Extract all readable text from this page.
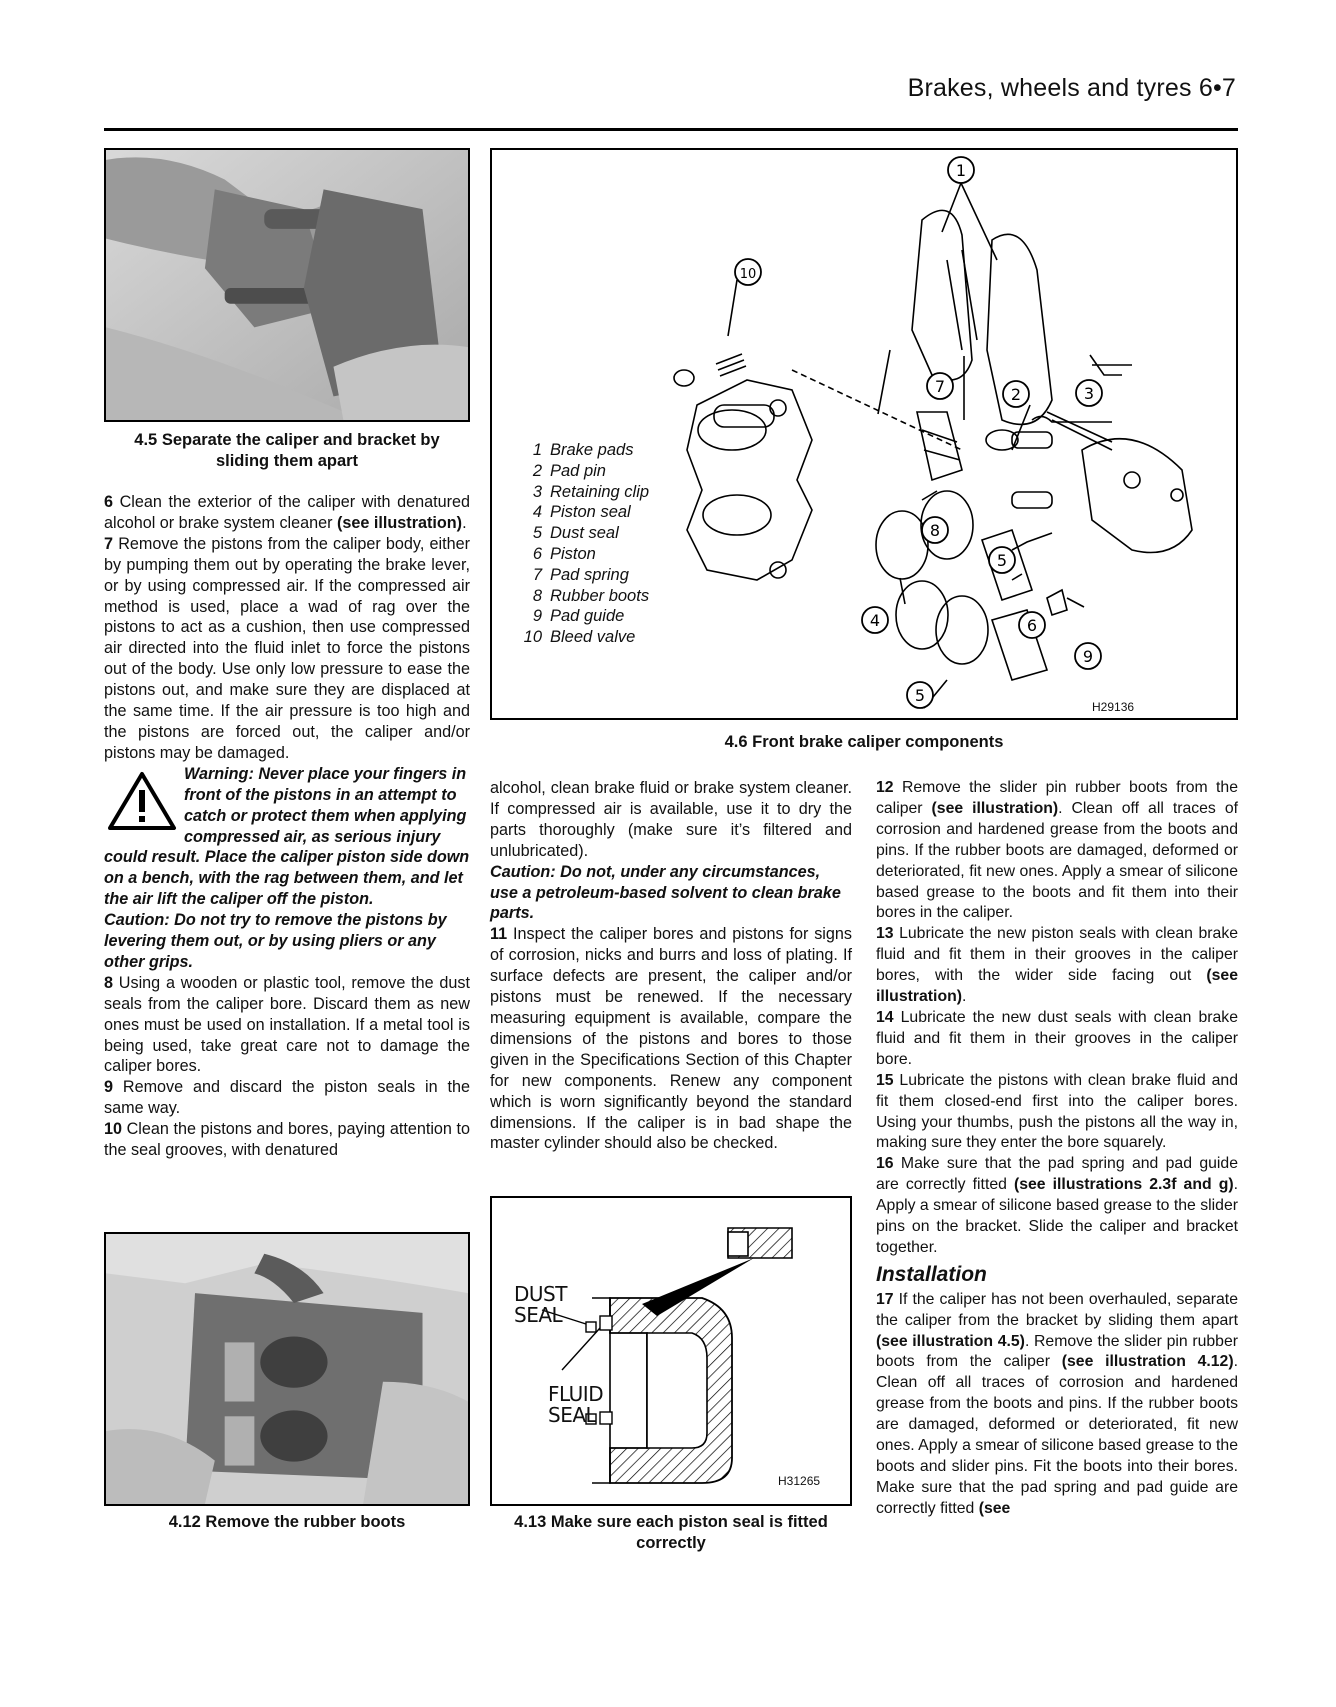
Brakes, wheels and tyres 6•7
4.5 Separate the caliper and bracket by sliding them apart
1
2	3
4
5
6
7
8
9
10
5
1 Brake pads
2 Pad pin
3 Retaining clip
4 Piston seal
5 Dust seal
6 Piston
7 Pad spring
8 Rubber boots
9 Pad guide
10 Bleed valve
H29136
4.6 Front brake caliper components

6 Clean the exterior of the caliper with denatured alcohol or brake system cleaner (see illustration).

7 Remove the pistons from the caliper body, either by pumping them out by operating the brake lever, or by using compressed air. If the compressed air method is used, place a wad of rag over the pistons to act as a cushion, then use compressed air directed into the fluid inlet to force the pistons out of the body. Use only low pressure to ease the pistons out, and make sure they are displaced at the same time. If the air pressure is too high and the pistons are forced out, the caliper and/or pistons may be damaged.

Warning: Never place your fingers in front of the pistons in an attempt to catch or protect them when applying compressed air, as serious injury could result. Place the caliper piston side down on a bench, with the rag between them, and let the air lift the caliper off the piston.

Caution: Do not try to remove the pistons by levering them out, or by using pliers or any other grips.

8 Using a wooden or plastic tool, remove the dust seals from the caliper bore. Discard them as new ones must be used on installation. If a metal tool is being used, take great care not to damage the caliper bores.

9 Remove and discard the piston seals in the same way.

10 Clean the pistons and bores, paying attention to the seal grooves, with denatured

4.12 Remove the rubber boots

alcohol, clean brake fluid or brake system cleaner. If compressed air is available, use it to dry the parts thoroughly (make sure it’s filtered and unlubricated).

Caution: Do not, under any circumstances, use a petroleum-based solvent to clean brake parts.

11 Inspect the caliper bores and pistons for signs of corrosion, nicks and burrs and loss of plating. If surface defects are present, the caliper and/or pistons must be renewed. If the necessary measuring equipment is available, compare the dimensions of the pistons and bores to those given in the Specifications Section of this Chapter for new components. Renew any component which is worn significantly beyond the standard dimensions. If the caliper is in bad shape the master cylinder should also be checked.

DUST
SEAL
FLUID
SEAL
H31265
4.13 Make sure each piston seal is fitted correctly

12 Remove the slider pin rubber boots from the caliper (see illustration). Clean off all traces of corrosion and hardened grease from the boots and pins. If the rubber boots are damaged, deformed or deteriorated, fit new ones. Apply a smear of silicone based grease to the boots and fit them into their bores in the caliper.

13 Lubricate the new piston seals with clean brake fluid and fit them in their grooves in the caliper bores, with the wider side facing out (see illustration).

14 Lubricate the new dust seals with clean brake fluid and fit them in their grooves in the caliper bore.

15 Lubricate the pistons with clean brake fluid and fit them closed-end first into the caliper bores. Using your thumbs, push the pistons all the way in, making sure they enter the bore squarely.

16 Make sure that the pad spring and pad guide are correctly fitted (see illustrations 2.3f and g). Apply a smear of silicone based grease to the slider pins on the bracket. Slide the caliper and bracket together.

Installation

17 If the caliper has not been overhauled, separate the caliper from the bracket by sliding them apart (see illustration 4.5). Remove the slider pin rubber boots from the caliper (see illustration 4.12). Clean off all traces of corrosion and hardened grease from the boots and pins. If the rubber boots are damaged, deformed or deteriorated, fit new ones. Apply a smear of silicone based grease to the boots and slider pins. Fit the boots into their bores. Make sure that the pad spring and pad guide are correctly fitted (see
